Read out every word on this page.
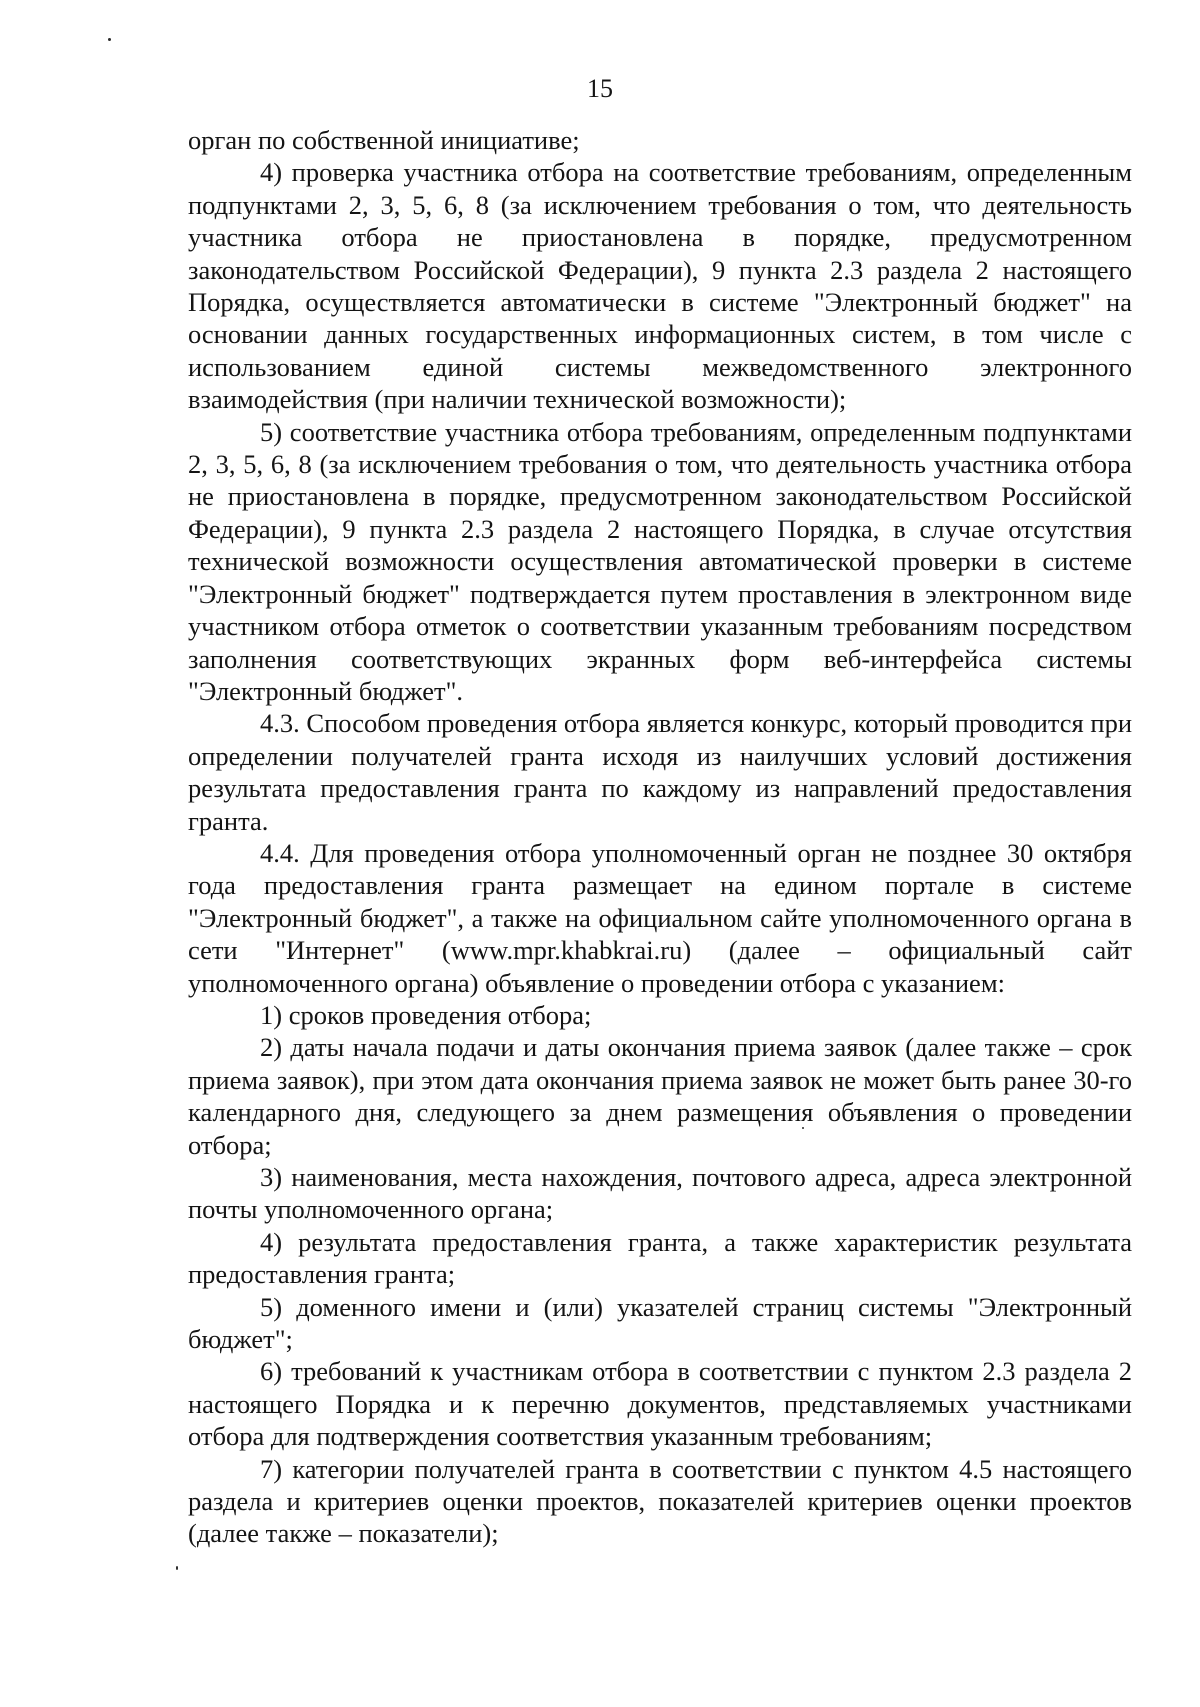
15

орган по собственной инициативе;

4) проверка участника отбора на соответствие требованиям, определенным подпунктами 2, 3, 5, 6, 8 (за исключением требования о том, что деятельность участника отбора не приостановлена в порядке, предусмотренном законодательством Российской Федерации), 9 пункта 2.3 раздела 2 настоящего Порядка, осуществляется автоматически в системе "Электронный бюджет" на основании данных государственных информационных систем, в том числе с использованием единой системы межведомственного электронного взаимодействия (при наличии технической возможности);

5) соответствие участника отбора требованиям, определенным подпунктами 2, 3, 5, 6, 8 (за исключением требования о том, что деятельность участника отбора не приостановлена в порядке, предусмотренном законодательством Российской Федерации), 9 пункта 2.3 раздела 2 настоящего Порядка, в случае отсутствия технической возможности осуществления автоматической проверки в системе "Электронный бюджет" подтверждается путем проставления в электронном виде участником отбора отметок о соответствии указанным требованиям посредством заполнения соответствующих экранных форм веб-интерфейса системы "Электронный бюджет".

4.3. Способом проведения отбора является конкурс, который проводится при определении получателей гранта исходя из наилучших условий достижения результата предоставления гранта по каждому из направлений предоставления гранта.

4.4. Для проведения отбора уполномоченный орган не позднее 30 октября года предоставления гранта размещает на едином портале в системе "Электронный бюджет", а также на официальном сайте уполномоченного органа в сети "Интернет" (www.mpr.khabkrai.ru) (далее – официальный сайт уполномоченного органа) объявление о проведении отбора с указанием:

1) сроков проведения отбора;

2) даты начала подачи и даты окончания приема заявок (далее также – срок приема заявок), при этом дата окончания приема заявок не может быть ранее 30-го календарного дня, следующего за днем размещения объявления о проведении отбора;

3) наименования, места нахождения, почтового адреса, адреса электронной почты уполномоченного органа;

4) результата предоставления гранта, а также характеристик результата предоставления гранта;

5) доменного имени и (или) указателей страниц системы "Электронный бюджет";

6) требований к участникам отбора в соответствии с пунктом 2.3 раздела 2 настоящего Порядка и к перечню документов, представляемых участниками отбора для подтверждения соответствия указанным требованиям;

7) категории получателей гранта в соответствии с пунктом 4.5 настоящего раздела и критериев оценки проектов, показателей критериев оценки проектов (далее также – показатели);
